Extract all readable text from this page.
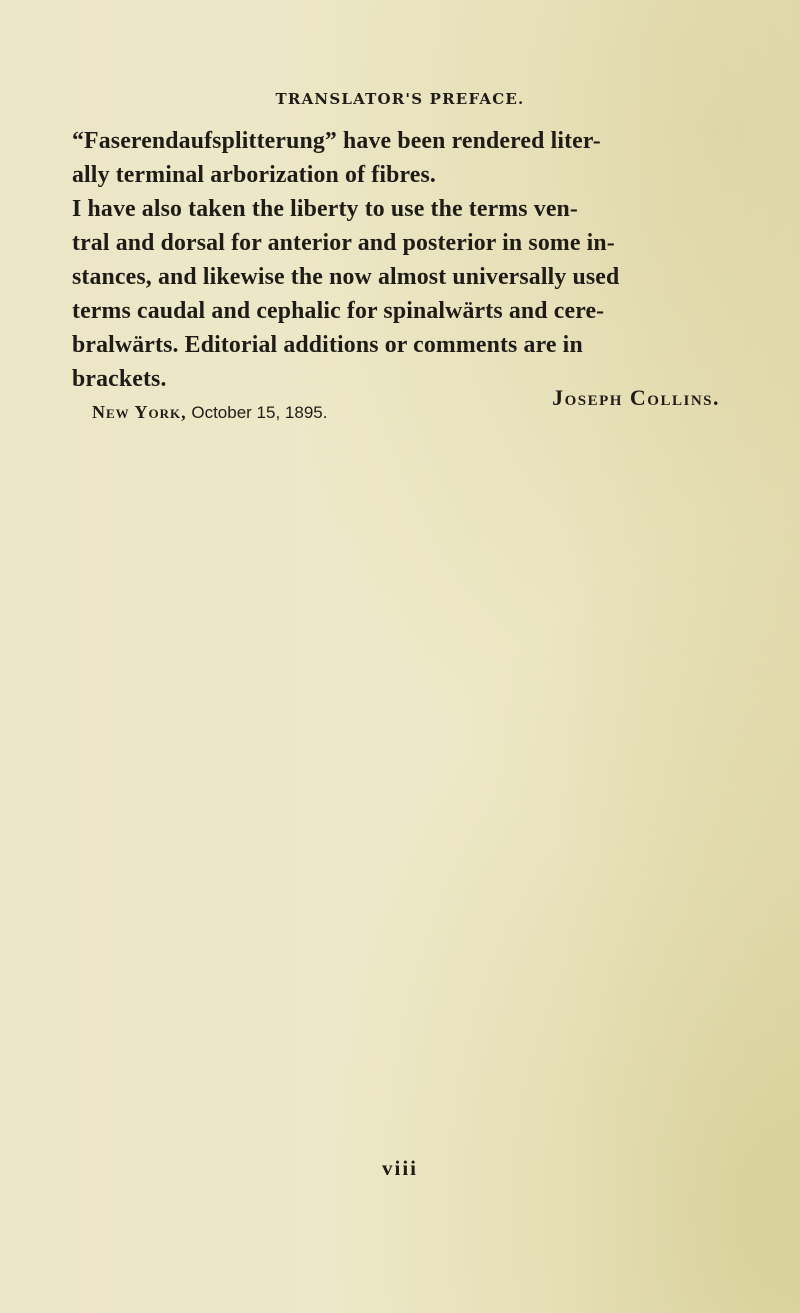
TRANSLATOR'S PREFACE.
“Faserendaufsplitterung” have been rendered liter-
ally terminal arborization of fibres.
I have also taken the liberty to use the terms ven-
tral and dorsal for anterior and posterior in some in-
stances, and likewise the now almost universally used
terms caudal and cephalic for spinalwärts and cere-
bralwärts. Editorial additions or comments are in
brackets.
Joseph Collins.
New York, October 15, 1895.
viii
